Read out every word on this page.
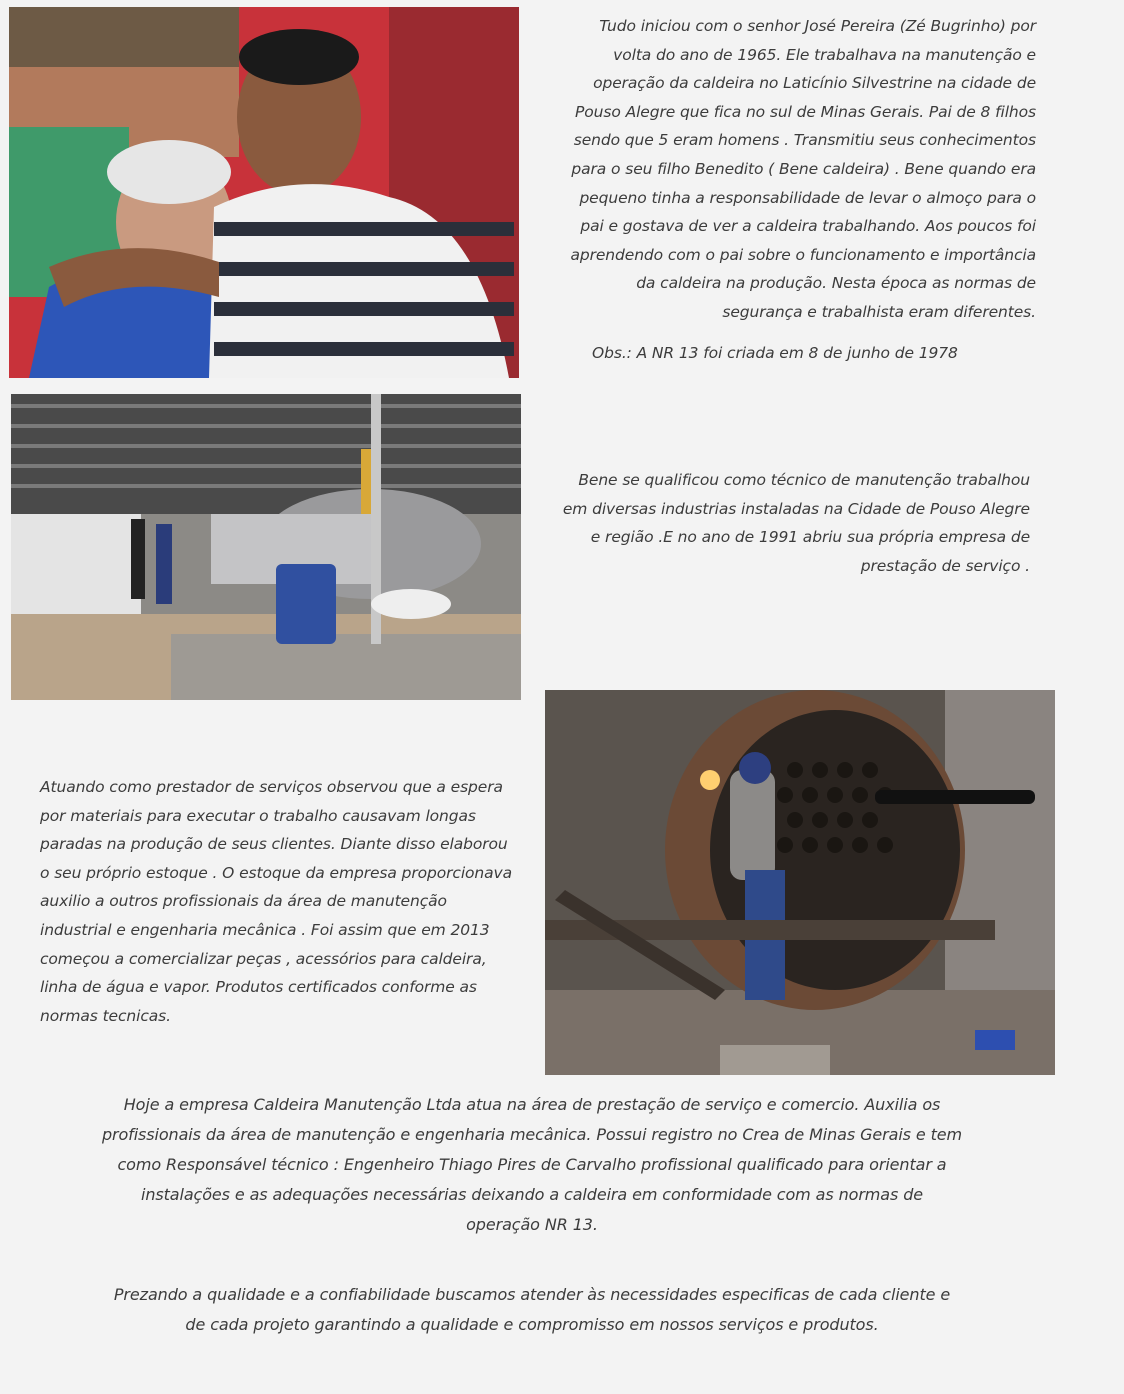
Tudo iniciou com o senhor José Pereira (Zé Bugrinho) por

volta do ano de 1965. Ele trabalhava na manutenção e

operação da caldeira no Laticínio Silvestrine na cidade de

Pouso Alegre que fica no sul de Minas Gerais. Pai de 8 filhos

sendo que 5 eram homens . Transmitiu seus conhecimentos

para o seu filho Benedito ( Bene caldeira) . Bene quando era

pequeno tinha a responsabilidade de levar o almoço para o

pai e gostava de ver a caldeira trabalhando. Aos poucos foi

aprendendo com o pai sobre o funcionamento e importância

da caldeira na produção. Nesta época as normas de

segurança e trabalhista eram diferentes.

Obs.: A NR 13 foi criada em 8 de junho de 1978

Bene se qualificou como técnico de manutenção trabalhou

em diversas industrias instaladas na Cidade de Pouso Alegre

e região .E no ano de 1991 abriu sua própria empresa de

prestação de serviço .

Atuando como prestador de serviços observou que a espera

por materiais para executar o trabalho causavam longas

paradas na produção de seus clientes. Diante disso elaborou

o seu próprio estoque . O estoque da empresa proporcionava

auxilio a outros profissionais da área de manutenção

industrial e engenharia mecânica . Foi assim que em 2013

começou a comercializar peças , acessórios para caldeira,

linha de água e vapor. Produtos certificados conforme as

normas tecnicas.

Hoje a empresa Caldeira Manutenção Ltda atua na área de prestação de serviço e comercio. Auxilia os

profissionais da área de manutenção e engenharia mecânica. Possui registro no Crea de Minas Gerais e tem

como Responsável técnico : Engenheiro Thiago Pires de Carvalho profissional qualificado para orientar a

instalações e as adequações necessárias deixando a caldeira em conformidade com as normas de

operação NR 13.

Prezando a qualidade e a confiabilidade buscamos atender às necessidades especificas de cada cliente e

de cada projeto garantindo a qualidade e compromisso em nossos serviços e produtos.
